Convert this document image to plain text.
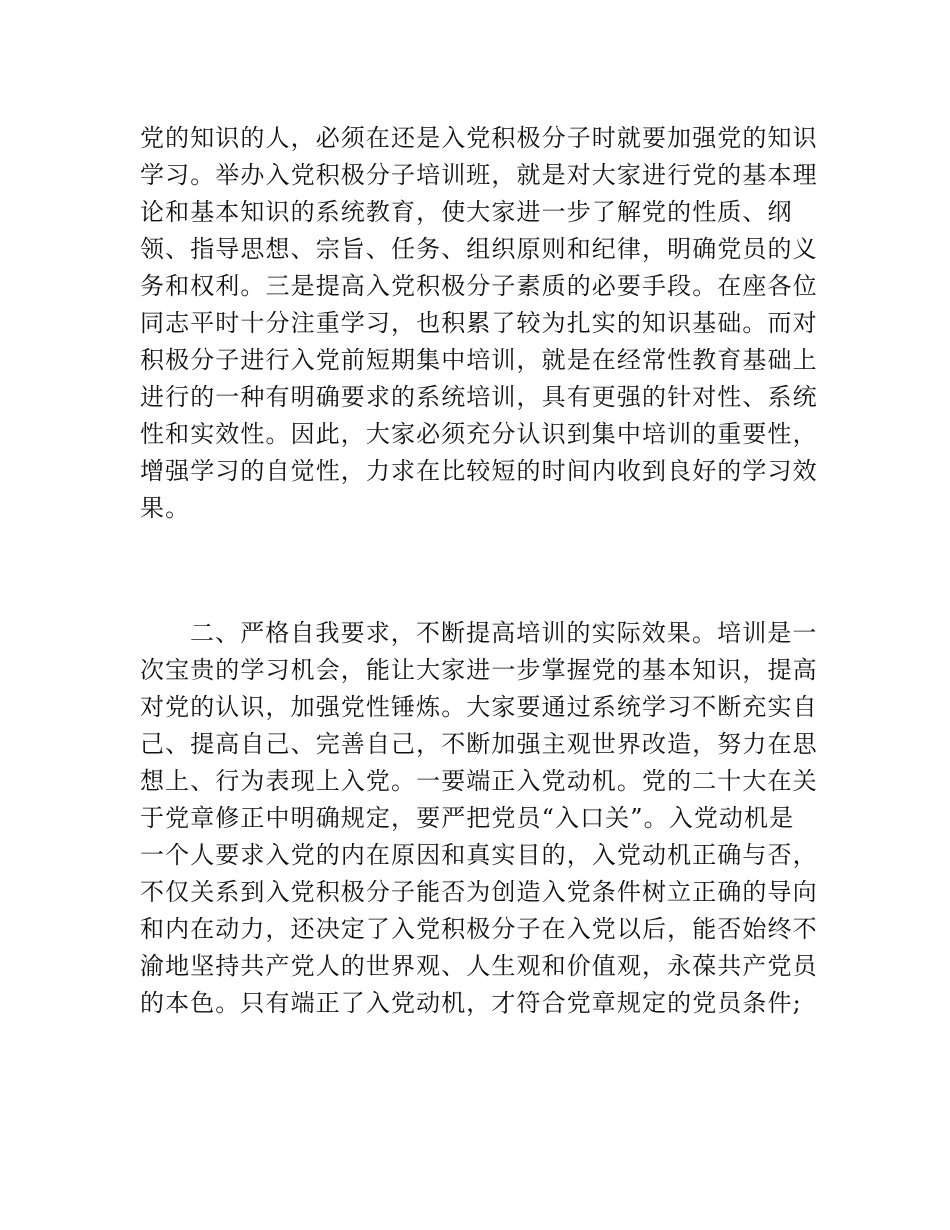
党的知识的人，必须在还是入党积极分子时就要加强党的知识
学习。举办入党积极分子培训班，就是对大家进行党的基本理
论和基本知识的系统教育，使大家进一步了解党的性质、纲
领、指导思想、宗旨、任务、组织原则和纪律，明确党员的义
务和权利。三是提高入党积极分子素质的必要手段。在座各位
同志平时十分注重学习，也积累了较为扎实的知识基础。而对
积极分子进行入党前短期集中培训，就是在经常性教育基础上
进行的一种有明确要求的系统培训，具有更强的针对性、系统
性和实效性。因此，大家必须充分认识到集中培训的重要性，
增强学习的自觉性，力求在比较短的时间内收到良好的学习效
果。
二、严格自我要求，不断提高培训的实际效果。培训是一
次宝贵的学习机会，能让大家进一步掌握党的基本知识，提高
对党的认识，加强党性锤炼。大家要通过系统学习不断充实自
己、提高自己、完善自己，不断加强主观世界改造，努力在思
想上、行为表现上入党。一要端正入党动机。党的二十大在关
于党章修正中明确规定，要严把党员“入口关”。入党动机是
一个人要求入党的内在原因和真实目的，入党动机正确与否，
不仅关系到入党积极分子能否为创造入党条件树立正确的导向
和内在动力，还决定了入党积极分子在入党以后，能否始终不
渝地坚持共产党人的世界观、人生观和价值观，永葆共产党员
的本色。只有端正了入党动机，才符合党章规定的党员条件;
